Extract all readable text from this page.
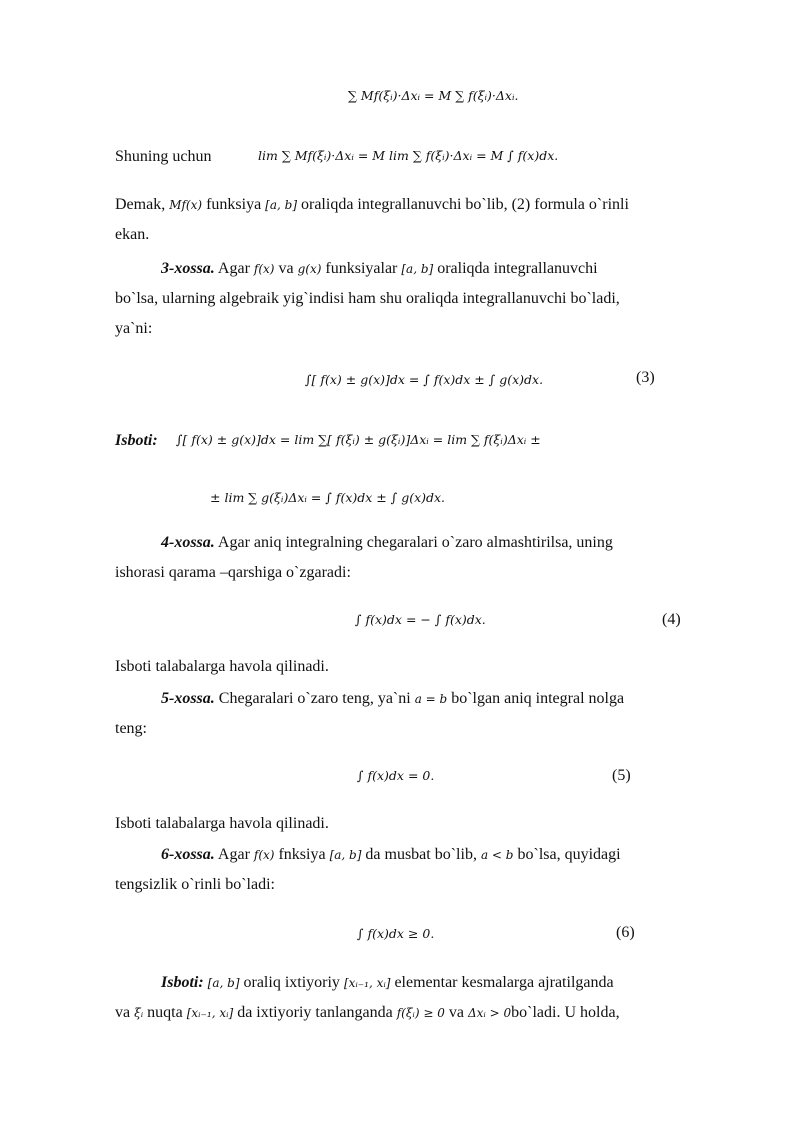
∑ Mf(ξᵢ)·Δxᵢ = M ∑ f(ξᵢ)·Δxᵢ.
Shuning uchun	lim ∑ Mf(ξᵢ)·Δxᵢ = M lim ∑ f(ξᵢ)·Δxᵢ = M ∫ f(x)dx.
Demak, Mf(x) funksiya [a, b] oraliqda integrallanuvchi bo`lib, (2) formula o`rinli
ekan.
3-xossa. Agar f(x) va g(x) funksiyalar [a, b] oraliqda integrallanuvchi
bo`lsa, ularning algebraik yig`indisi ham shu oraliqda integrallanuvchi bo`ladi,
ya`ni:
∫[ f(x) ± g(x)]dx = ∫ f(x)dx ± ∫ g(x)dx.	(3)
Isboti: ∫[ f(x) ± g(x)]dx = lim ∑[ f(ξᵢ) ± g(ξᵢ)]Δxᵢ = lim ∑ f(ξᵢ)Δxᵢ ±
± lim ∑ g(ξᵢ)Δxᵢ = ∫ f(x)dx ± ∫ g(x)dx.
4-xossa. Agar aniq integralning chegaralari o`zaro almashtirilsa, uning
ishorasi qarama –qarshiga o`zgaradi:
∫ f(x)dx = − ∫ f(x)dx.	(4)
Isboti talabalarga havola qilinadi.
5-xossa. Chegaralari o`zaro teng, ya`ni a = b bo`lgan aniq integral nolga
teng:
∫ f(x)dx = 0.	(5)
Isboti talabalarga havola qilinadi.
6-xossa. Agar f(x) fnksiya [a, b] da musbat bo`lib, a < b bo`lsa, quyidagi
tengsizlik o`rinli bo`ladi:
∫ f(x)dx ≥ 0.	(6)
Isboti: [a, b] oraliq ixtiyoriy [xᵢ₋₁, xᵢ] elementar kesmalarga ajratilganda
va ξᵢ nuqta [xᵢ₋₁, xᵢ] da ixtiyoriy tanlanganda f(ξᵢ) ≥ 0 va Δxᵢ > 0bo`ladi. U holda,
